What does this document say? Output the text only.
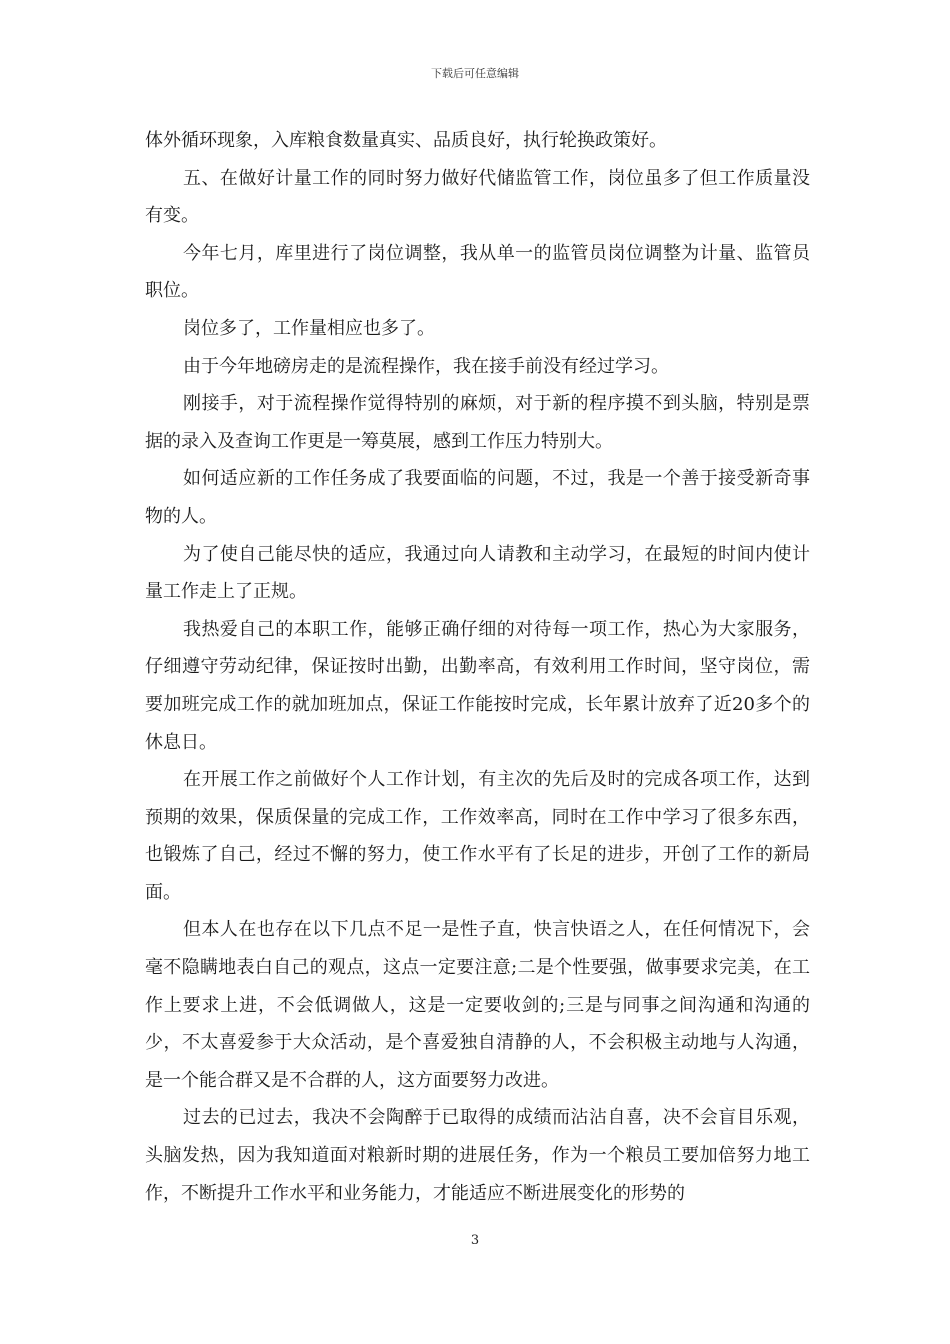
下载后可任意编辑

体外循环现象，入库粮食数量真实、品质良好，执行轮换政策好。

五、在做好计量工作的同时努力做好代储监管工作，岗位虽多了但工作质量没有变。

今年七月，库里进行了岗位调整，我从单一的监管员岗位调整为计量、监管员职位。

岗位多了，工作量相应也多了。

由于今年地磅房走的是流程操作，我在接手前没有经过学习。

刚接手，对于流程操作觉得特别的麻烦，对于新的程序摸不到头脑，特别是票据的录入及查询工作更是一筹莫展，感到工作压力特别大。

如何适应新的工作任务成了我要面临的问题，不过，我是一个善于接受新奇事物的人。

为了使自己能尽快的适应，我通过向人请教和主动学习，在最短的时间内使计量工作走上了正规。

我热爱自己的本职工作，能够正确仔细的对待每一项工作，热心为大家服务，仔细遵守劳动纪律，保证按时出勤，出勤率高，有效利用工作时间，坚守岗位，需要加班完成工作的就加班加点，保证工作能按时完成，长年累计放弃了近20多个的休息日。

在开展工作之前做好个人工作计划，有主次的先后及时的完成各项工作，达到预期的效果，保质保量的完成工作，工作效率高，同时在工作中学习了很多东西，也锻炼了自己，经过不懈的努力，使工作水平有了长足的进步，开创了工作的新局面。

但本人在也存在以下几点不足一是性子直，快言快语之人，在任何情况下，会毫不隐瞒地表白自己的观点，这点一定要注意;二是个性要强，做事要求完美，在工作上要求上进，不会低调做人，这是一定要收剑的;三是与同事之间沟通和沟通的少，不太喜爱参于大众活动，是个喜爱独自清静的人，不会积极主动地与人沟通，是一个能合群又是不合群的人，这方面要努力改进。

过去的已过去，我决不会陶醉于已取得的成绩而沾沾自喜，决不会盲目乐观，头脑发热，因为我知道面对粮新时期的进展任务，作为一个粮员工要加倍努力地工作，不断提升工作水平和业务能力，才能适应不断进展变化的形势的

3
